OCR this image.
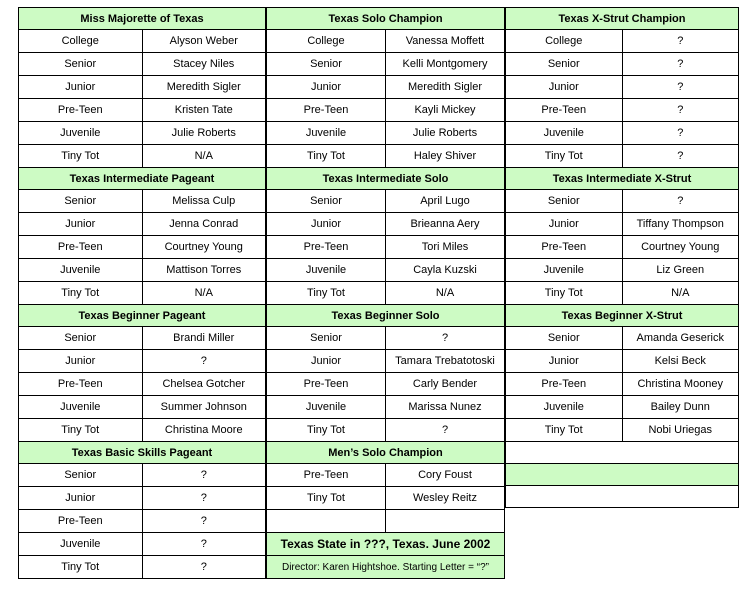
Miss Majorette of Texas	
College	Alyson Weber
Senior	Stacey Niles
Junior	Meredith Sigler
Pre-Teen	Kristen Tate
Juvenile	Julie Roberts
Tiny Tot	N/A
Texas Intermediate Pageant	
Senior	Melissa Culp
Junior	Jenna Conrad
Pre-Teen	Courtney Young
Juvenile	Mattison Torres
Tiny Tot	N/A
Texas Beginner Pageant	
Senior	Brandi Miller
Junior	?
Pre-Teen	Chelsea Gotcher
Juvenile	Summer Johnson
Tiny Tot	Christina Moore
Texas Basic Skills Pageant	
Senior	?
Junior	?
Pre-Teen	?
Juvenile	?
Tiny Tot	?
Texas Solo Champion	
College	Vanessa Moffett
Senior	Kelli Montgomery
Junior	Meredith Sigler
Pre-Teen	Kayli Mickey
Juvenile	Julie Roberts
Tiny Tot	Haley Shiver
Texas Intermediate Solo	
Senior	April Lugo
Junior	Brieanna Aery
Pre-Teen	Tori Miles
Juvenile	Cayla Kuzski
Tiny Tot	N/A
Texas Beginner Solo	
Senior	?
Junior	Tamara Trebatotoski
Pre-Teen	Carly Bender
Juvenile	Marissa Nunez
Tiny Tot	?
Men’s Solo Champion	
Pre-Teen	Cory Foust
Tiny Tot	Wesley Reitz

Texas State in ???, Texas. June 2002	
Director: Karen Hightshoe. Starting Letter = “?”	
Texas X-Strut Champion	
College	?
Senior	?
Junior	?
Pre-Teen	?
Juvenile	?
Tiny Tot	?
Texas Intermediate X-Strut	
Senior	?
Junior	Tiffany Thompson
Pre-Teen	Courtney Young
Juvenile	Liz Green
Tiny Tot	N/A
Texas Beginner X-Strut	
Senior	Amanda Geserick
Junior	Kelsi Beck
Pre-Teen	Christina Mooney
Juvenile	Bailey Dunn
Tiny Tot	Nobi Uriegas
